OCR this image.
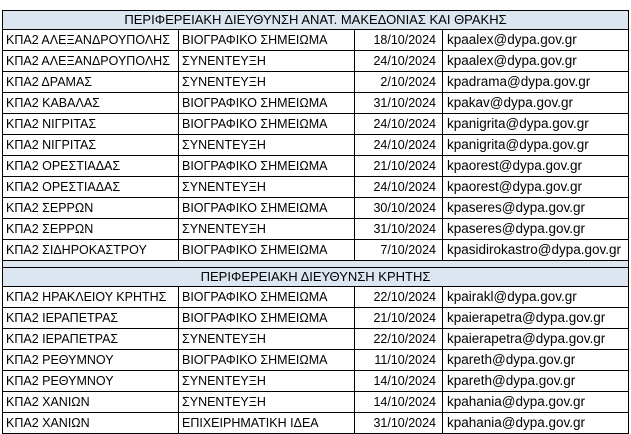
ΠΕΡΙΦΕΡΕΙΑΚΗ ΔΙΕΥΘΥΝΣΗ ΑΝΑΤ. ΜΑΚΕΔΟΝΙΑΣ ΚΑΙ ΘΡΑΚΗΣ			
ΚΠΑ2 ΑΛΕΞΑΝΔΡΟΥΠΟΛΗΣ	ΒΙΟΓΡΑΦΙΚΟ ΣΗΜΕΙΩΜΑ	18/10/2024	kpaalex@dypa.gov.gr
ΚΠΑ2 ΑΛΕΞΑΝΔΡΟΥΠΟΛΗΣ	ΣΥΝΕΝΤΕΥΞΗ	24/10/2024	kpaalex@dypa.gov.gr
ΚΠΑ2 ΔΡΑΜΑΣ	ΣΥΝΕΝΤΕΥΞΗ	2/10/2024	kpadrama@dypa.gov.gr
ΚΠΑ2 ΚΑΒΑΛΑΣ	ΒΙΟΓΡΑΦΙΚΟ ΣΗΜΕΙΩΜΑ	31/10/2024	kpakav@dypa.gov.gr
ΚΠΑ2 ΝΙΓΡΙΤΑΣ	ΒΙΟΓΡΑΦΙΚΟ ΣΗΜΕΙΩΜΑ	24/10/2024	kpanigrita@dypa.gov.gr
ΚΠΑ2 ΝΙΓΡΙΤΑΣ	ΣΥΝΕΝΤΕΥΞΗ	24/10/2024	kpanigrita@dypa.gov.gr
ΚΠΑ2 ΟΡΕΣΤΙΑΔΑΣ	ΒΙΟΓΡΑΦΙΚΟ ΣΗΜΕΙΩΜΑ	21/10/2024	kpaorest@dypa.gov.gr
ΚΠΑ2 ΟΡΕΣΤΙΑΔΑΣ	ΣΥΝΕΝΤΕΥΞΗ	24/10/2024	kpaorest@dypa.gov.gr
ΚΠΑ2 ΣΕΡΡΩΝ	ΒΙΟΓΡΑΦΙΚΟ ΣΗΜΕΙΩΜΑ	30/10/2024	kpaseres@dypa.gov.gr
ΚΠΑ2 ΣΕΡΡΩΝ	ΣΥΝΕΝΤΕΥΞΗ	31/10/2024	kpaseres@dypa.gov.gr
ΚΠΑ2 ΣΙΔΗΡΟΚΑΣΤΡΟΥ	ΒΙΟΓΡΑΦΙΚΟ ΣΗΜΕΙΩΜΑ	7/10/2024	kpasidirokastro@dypa.gov.gr

ΠΕΡΙΦΕΡΕΙΑΚΗ ΔΙΕΥΘΥΝΣΗ ΚΡΗΤΗΣ			
ΚΠΑ2 ΗΡΑΚΛΕΙΟΥ ΚΡΗΤΗΣ	ΒΙΟΓΡΑΦΙΚΟ ΣΗΜΕΙΩΜΑ	22/10/2024	kpairakl@dypa.gov.gr
ΚΠΑ2 ΙΕΡΑΠΕΤΡΑΣ	ΒΙΟΓΡΑΦΙΚΟ ΣΗΜΕΙΩΜΑ	21/10/2024	kpaierapetra@dypa.gov.gr
ΚΠΑ2 ΙΕΡΑΠΕΤΡΑΣ	ΣΥΝΕΝΤΕΥΞΗ	22/10/2024	kpaierapetra@dypa.gov.gr
ΚΠΑ2 ΡΕΘΥΜΝΟΥ	ΒΙΟΓΡΑΦΙΚΟ ΣΗΜΕΙΩΜΑ	11/10/2024	kpareth@dypa.gov.gr
ΚΠΑ2 ΡΕΘΥΜΝΟΥ	ΣΥΝΕΝΤΕΥΞΗ	14/10/2024	kpareth@dypa.gov.gr
ΚΠΑ2 ΧΑΝΙΩΝ	ΣΥΝΕΝΤΕΥΞΗ	14/10/2024	kpahania@dypa.gov.gr
ΚΠΑ2 ΧΑΝΙΩΝ	ΕΠΙΧΕΙΡΗΜΑΤΙΚΗ ΙΔΕΑ	31/10/2024	kpahania@dypa.gov.gr
